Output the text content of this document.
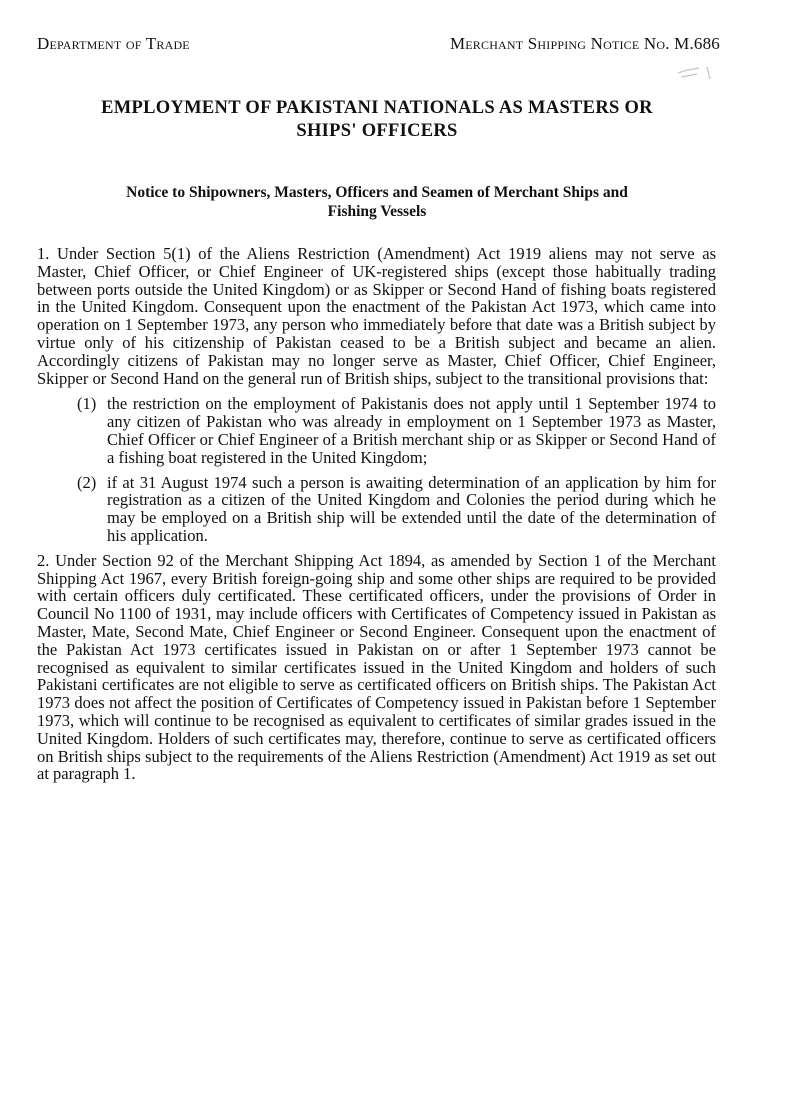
Department of Trade	Merchant Shipping Notice No. M.686
EMPLOYMENT OF PAKISTANI NATIONALS AS MASTERS OR
SHIPS' OFFICERS
Notice to Shipowners, Masters, Officers and Seamen of Merchant Ships and
Fishing Vessels

1. Under Section 5(1) of the Aliens Restriction (Amendment) Act 1919 aliens may not serve as Master, Chief Officer, or Chief Engineer of UK-registered ships (except those habitually trading between ports outside the United Kingdom) or as Skipper or Second Hand of fishing boats registered in the United Kingdom. Consequent upon the enactment of the Pakistan Act 1973, which came into operation on 1 September 1973, any person who immediately before that date was a British subject by virtue only of his citizenship of Pakistan ceased to be a British subject and became an alien. Accordingly citizens of Pakistan may no longer serve as Master, Chief Officer, Chief Engineer, Skipper or Second Hand on the general run of British ships, subject to the transitional provisions that:

(1) the restriction on the employment of Pakistanis does not apply until 1 September 1974 to any citizen of Pakistan who was already in employment on 1 September 1973 as Master, Chief Officer or Chief Engineer of a British merchant ship or as Skipper or Second Hand of a fishing boat registered in the United Kingdom;
(2) if at 31 August 1974 such a person is awaiting determination of an application by him for registration as a citizen of the United Kingdom and Colonies the period during which he may be employed on a British ship will be extended until the date of the determination of his application.

2. Under Section 92 of the Merchant Shipping Act 1894, as amended by Section 1 of the Merchant Shipping Act 1967, every British foreign-going ship and some other ships are required to be provided with certain officers duly certificated. These certificated officers, under the provisions of Order in Council No 1100 of 1931, may include officers with Certificates of Competency issued in Pakistan as Master, Mate, Second Mate, Chief Engineer or Second Engineer. Consequent upon the enactment of the Pakistan Act 1973 certificates issued in Pakistan on or after 1 September 1973 cannot be recognised as equivalent to similar certificates issued in the United Kingdom and holders of such Pakistani certificates are not eligible to serve as certificated officers on British ships. The Pakistan Act 1973 does not affect the position of Certificates of Competency issued in Pakistan before 1 September 1973, which will continue to be recognised as equivalent to certificates of similar grades issued in the United Kingdom. Holders of such certificates may, therefore, continue to serve as certificated officers on British ships subject to the requirements of the Aliens Restriction (Amendment) Act 1919 as set out at paragraph 1.
